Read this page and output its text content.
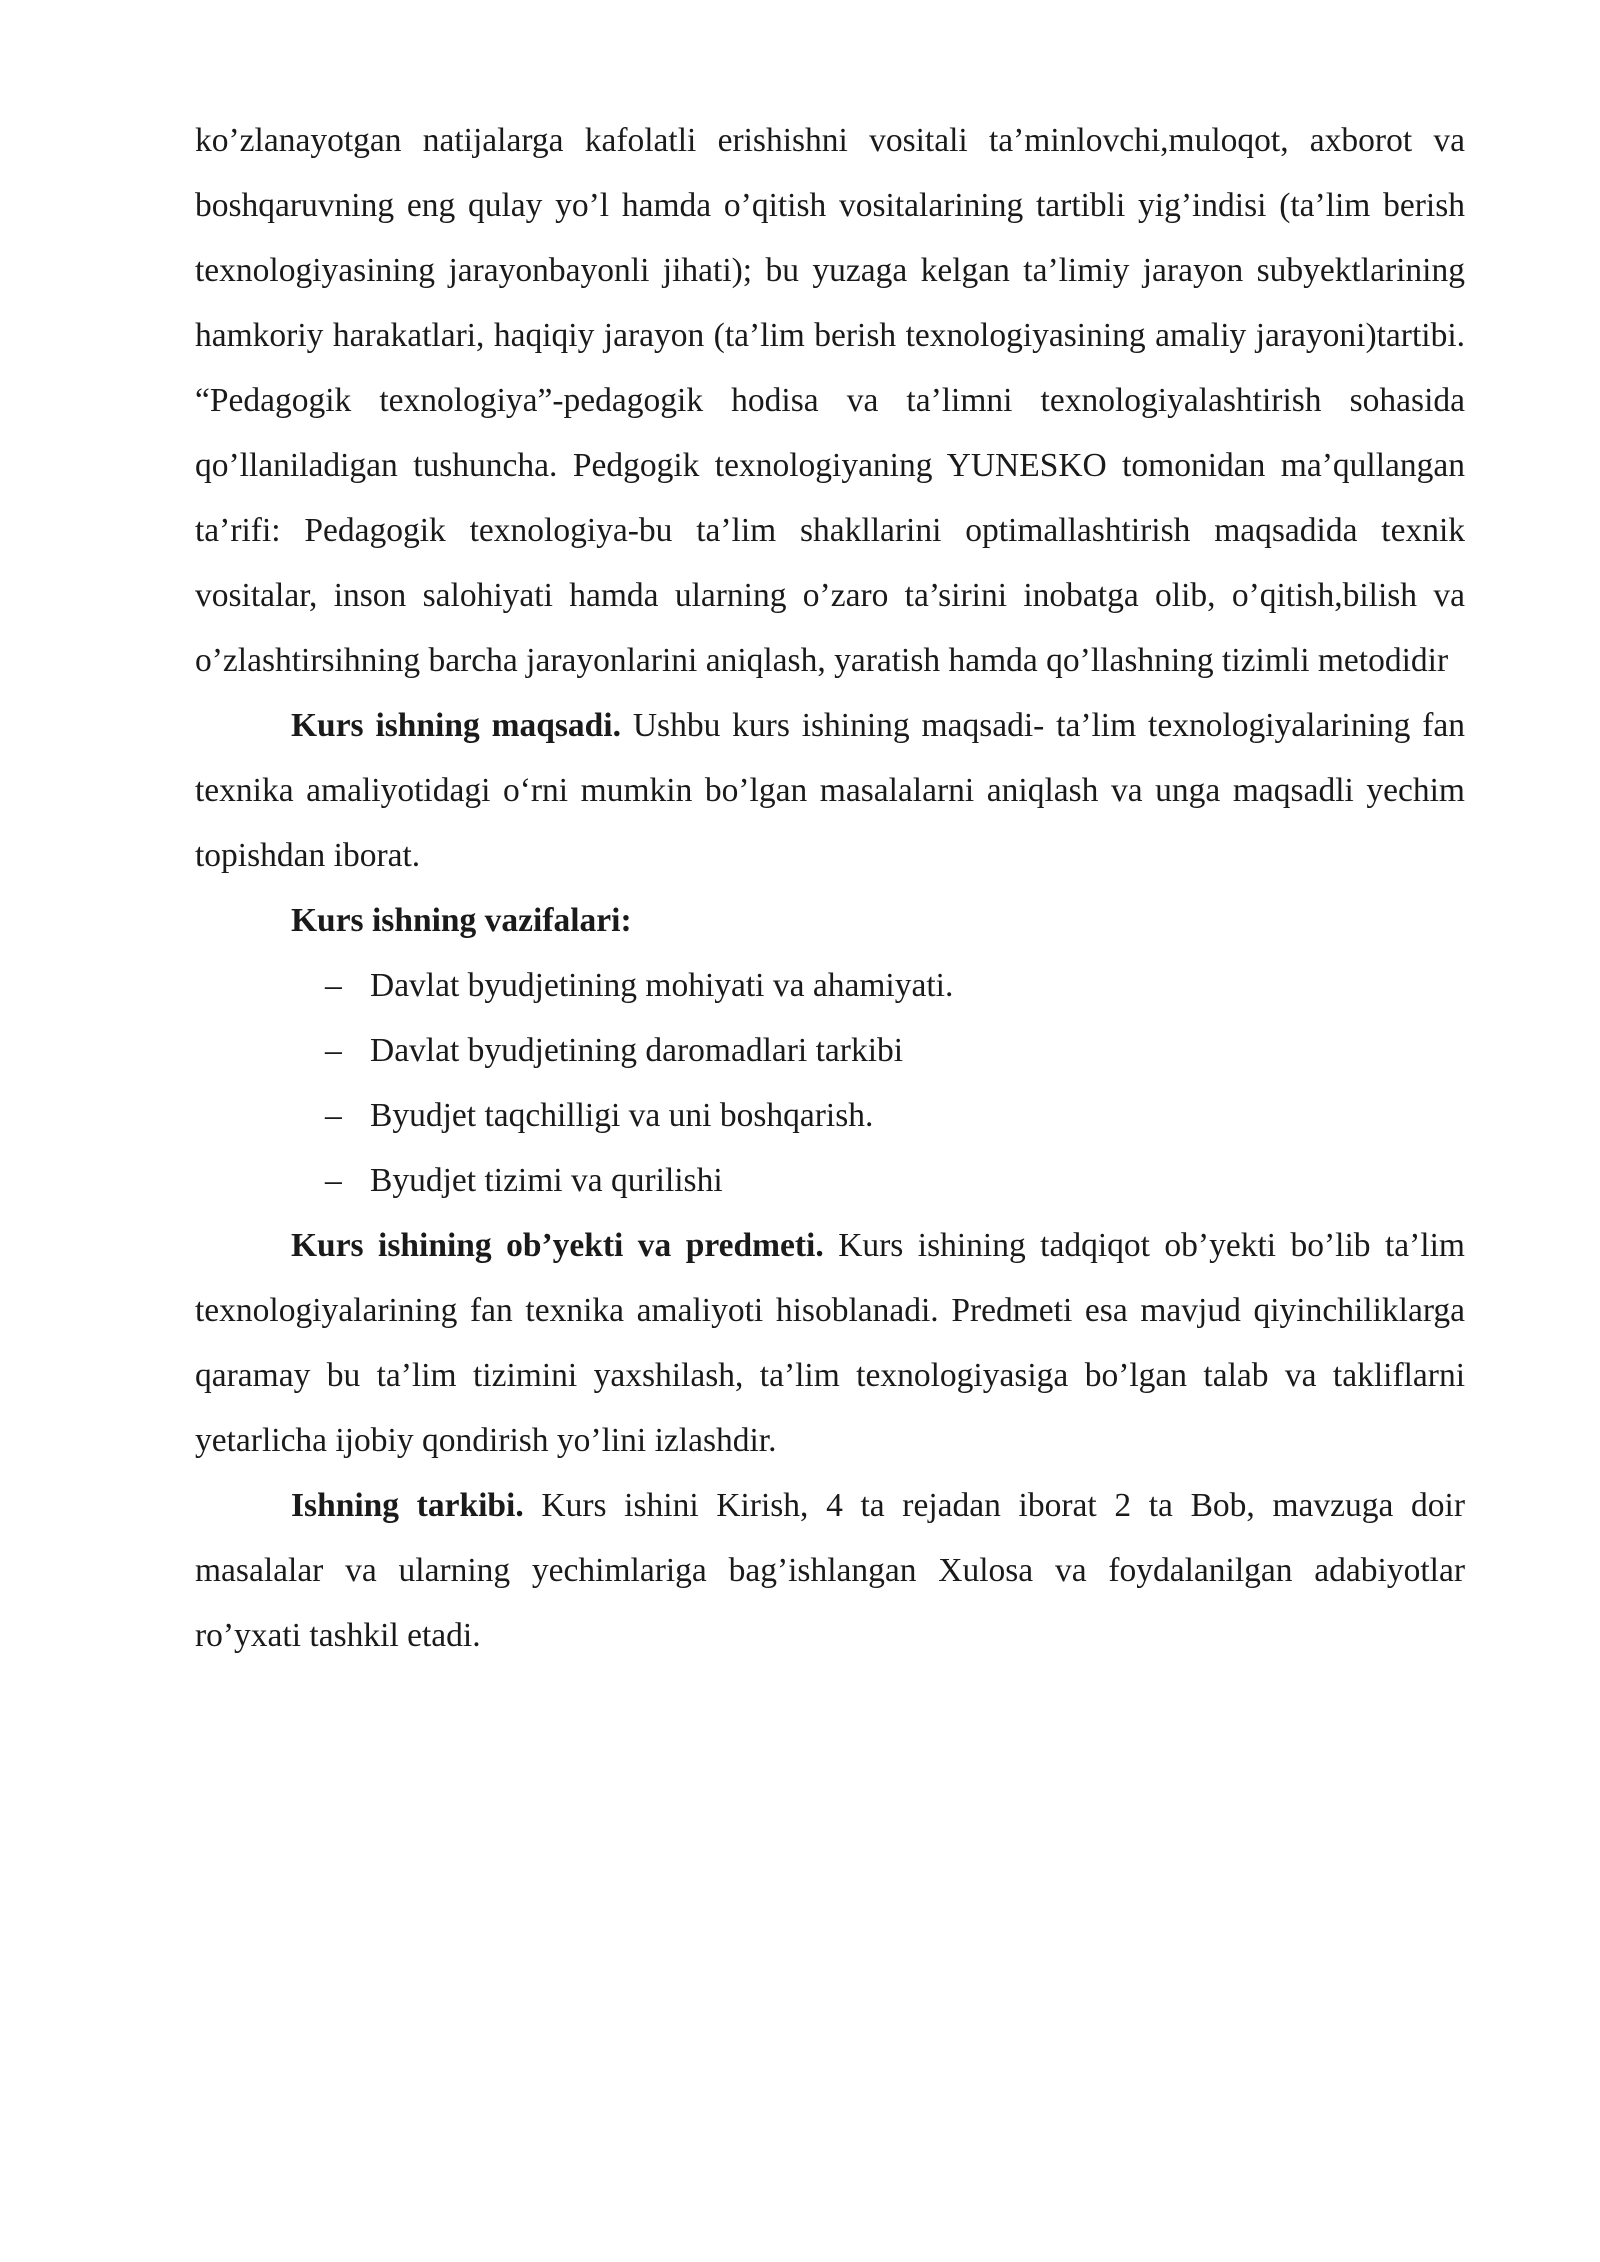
ko’zlanayotgan natijalarga kafolatli erishishni vositali ta’minlovchi,muloqot, axborot va boshqaruvning eng qulay yo’l hamda o’qitish vositalarining tartibli yig’indisi (ta’lim berish texnologiyasining jarayonbayonli jihati); bu yuzaga kelgan ta’limiy jarayon subyektlarining hamkoriy harakatlari, haqiqiy jarayon (ta’lim berish texnologiyasining amaliy jarayoni)tartibi. “Pedagogik texnologiya”-pedagogik hodisa va ta’limni texnologiyalashtirish sohasida qo’llaniladigan tushuncha. Pedgogik texnologiyaning YUNESKO tomonidan ma’qullangan ta’rifi: Pedagogik texnologiya-bu ta’lim shakllarini optimallashtirish maqsadida texnik vositalar, inson salohiyati hamda ularning o’zaro ta’sirini inobatga olib, o’qitish,bilish va o’zlashtirsihning barcha jarayonlarini aniqlash, yaratish hamda qo’llashning tizimli metodidir

Kurs ishning maqsadi. Ushbu kurs ishining maqsadi- ta’lim texnologiyalarining fan texnika amaliyotidagi o‘rni mumkin bo’lgan masalalarni aniqlash va unga maqsadli yechim topishdan iborat.

Kurs ishning vazifalari:

– Davlat byudjetining mohiyati va ahamiyati.
– Davlat byudjetining daromadlari tarkibi
– Byudjet taqchilligi va uni boshqarish.
– Byudjet tizimi va qurilishi

Kurs ishining ob’yekti va predmeti. Kurs ishining tadqiqot ob’yekti bo’lib ta’lim texnologiyalarining fan texnika amaliyoti hisoblanadi. Predmeti esa mavjud qiyinchiliklarga qaramay bu ta’lim tizimini yaxshilash, ta’lim texnologiyasiga bo’lgan talab va takliflarni yetarlicha ijobiy qondirish yo’lini izlashdir.

Ishning tarkibi. Kurs ishini Kirish, 4 ta rejadan iborat 2 ta Bob, mavzuga doir masalalar va ularning yechimlariga bag’ishlangan Xulosa va foydalanilgan adabiyotlar ro’yxati tashkil etadi.
